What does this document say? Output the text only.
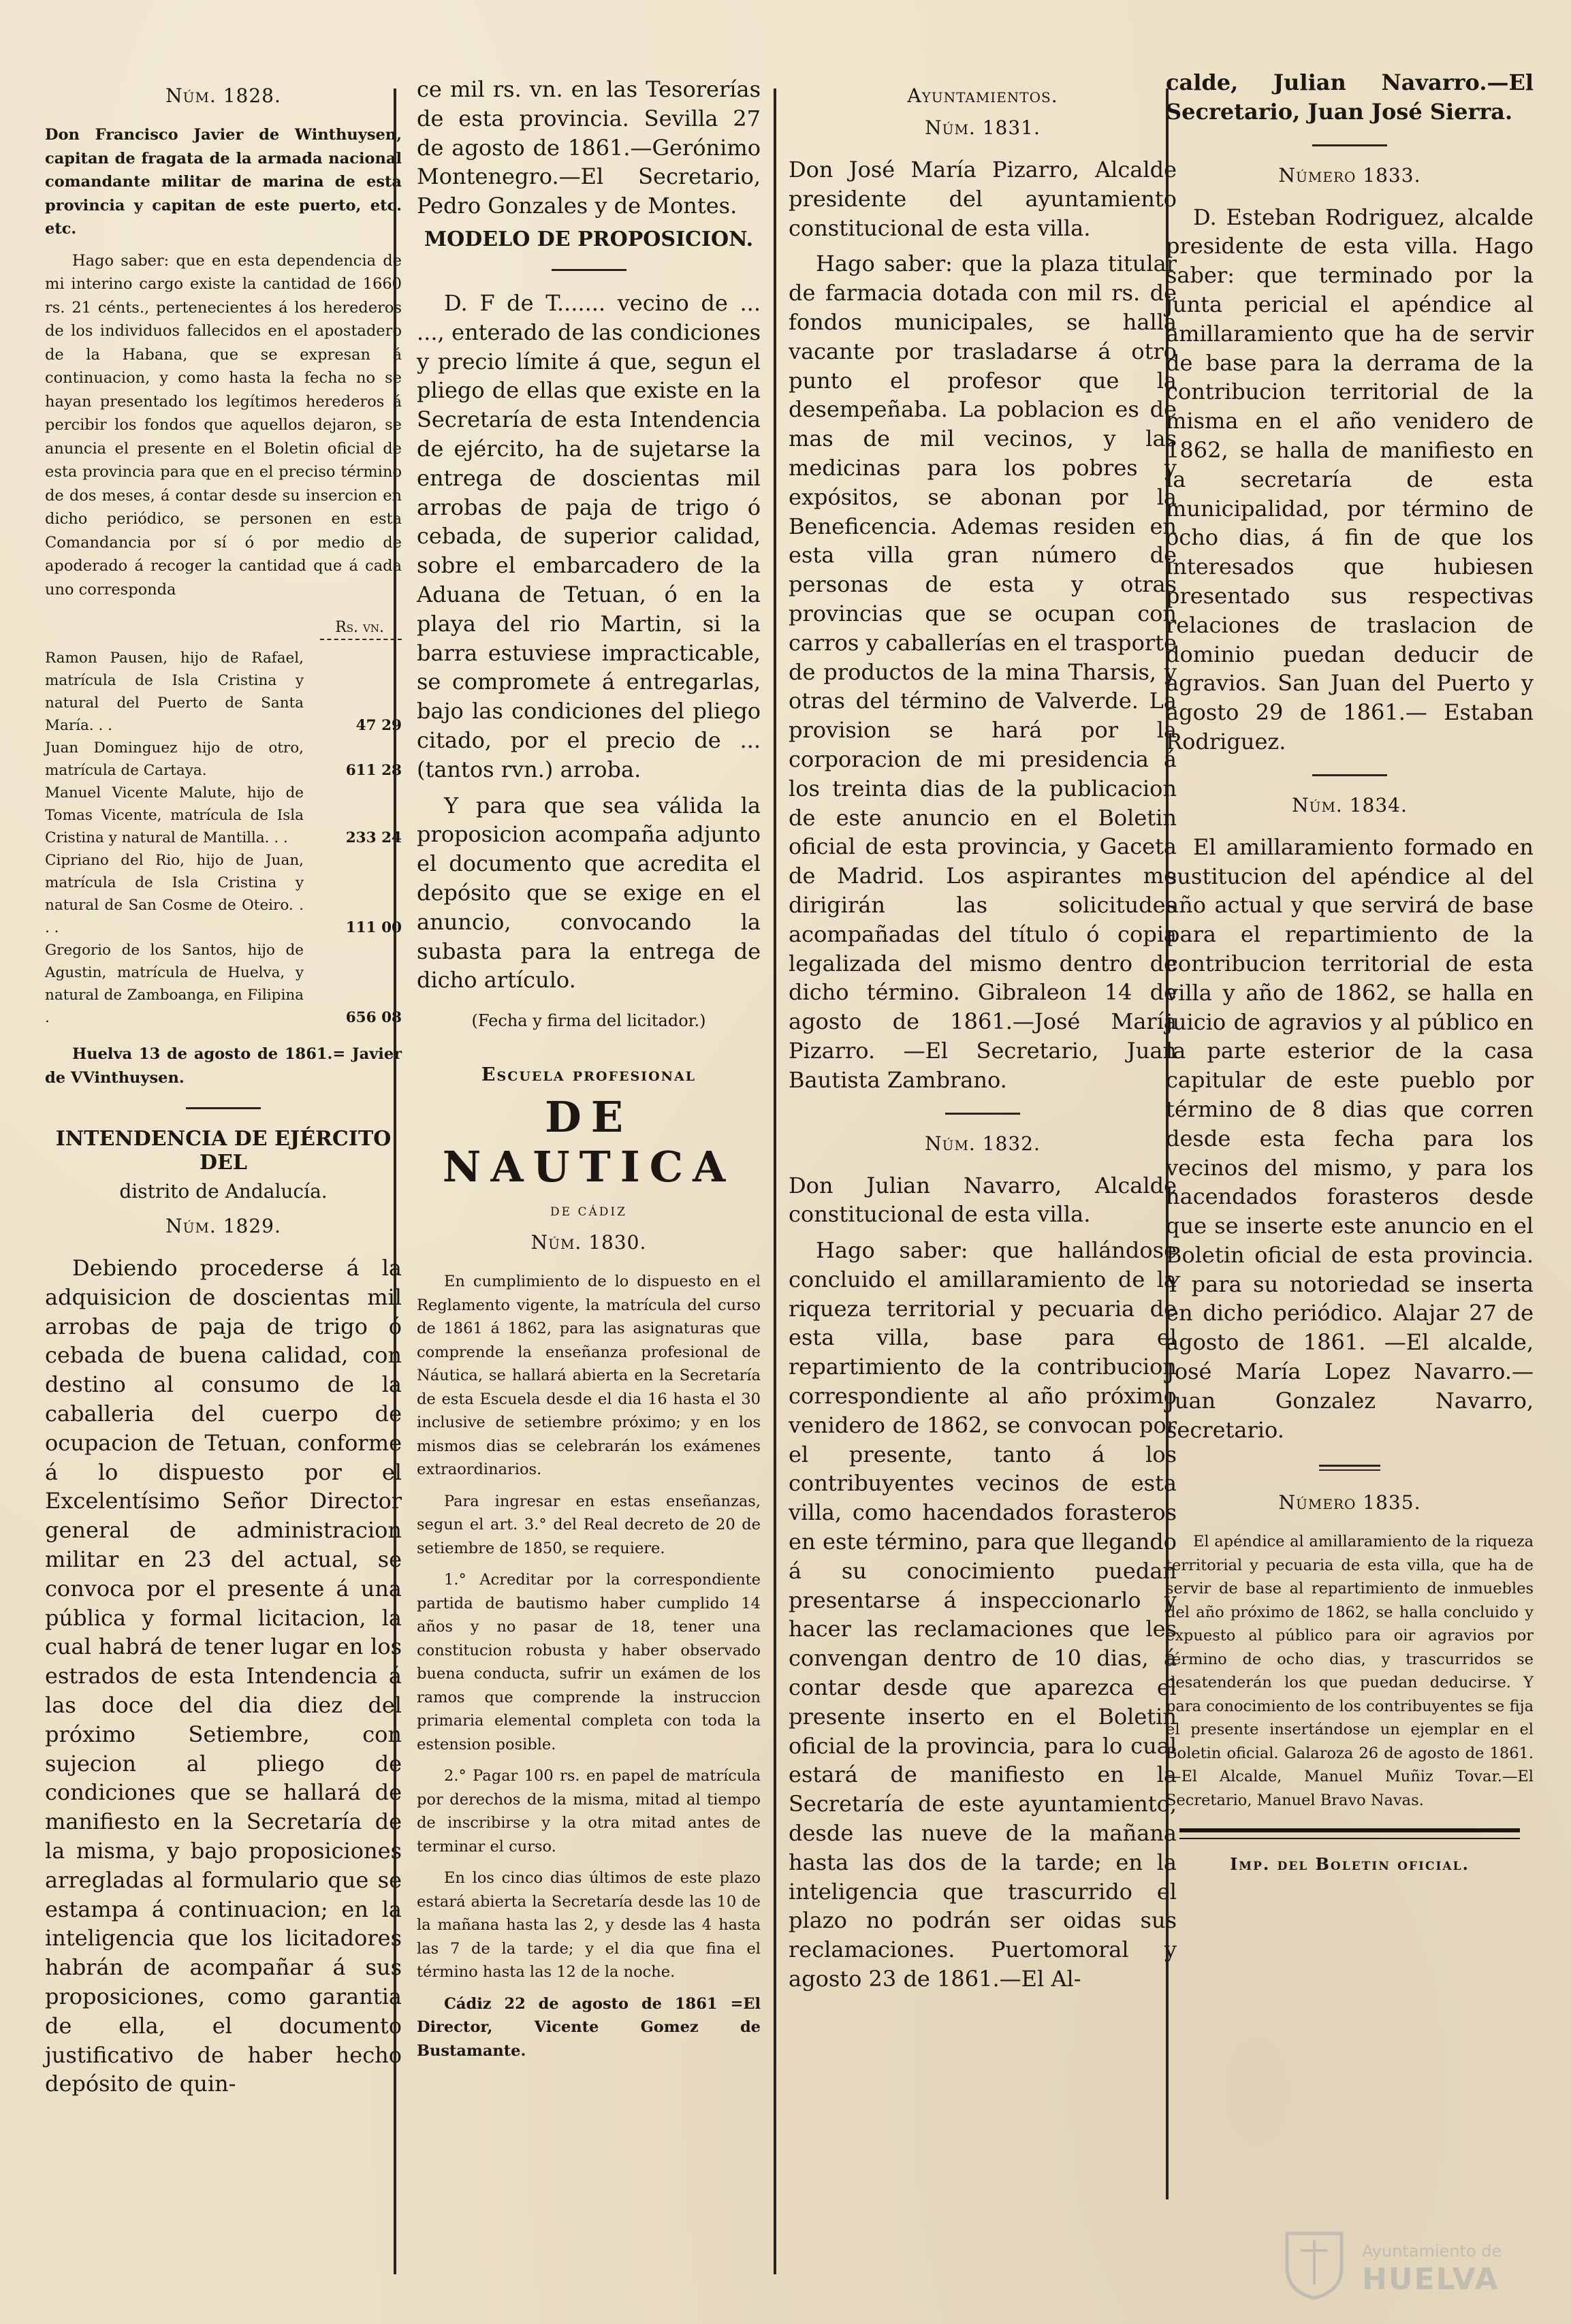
Núm. 1828.

Don Francisco Javier de Winthuysen, capitan de fragata de la armada nacional comandante militar de marina de esta provincia y capitan de este puerto, etc. etc.

Hago saber: que en esta dependencia de mi interino cargo existe la cantidad de 1660 rs. 21 cénts., pertenecientes á los herederos de los individuos fallecidos en el apostadero de la Habana, que se expresan á continuacion, y como hasta la fecha no se hayan presentado los legítimos herederos á percibir los fondos que aquellos dejaron, se anuncia el presente en el Boletin oficial de esta provincia para que en el preciso término de dos meses, á contar desde su insercion en dicho periódico, se personen en esta Comandancia por sí ó por medio de apoderado á recoger la cantidad que á cada uno corresponda

Rs. vn.
Ramon Pausen, hijo de Rafael, matrícula de Isla Cristina y natural del Puerto de Santa María. . .	47 29
Juan Dominguez hijo de otro, matrícula de Cartaya.	611 28
Manuel Vicente Malute, hijo de Tomas Vicente, matrícula de Isla Cristina y natural de Mantilla. . .	233 24
Cipriano del Rio, hijo de Juan, matrícula de Isla Cristina y natural de San Cosme de Oteiro. . . .	111 00
Gregorio de los Santos, hijo de Agustin, matrícula de Huelva, y natural de Zamboanga, en Filipina .	656 08

Huelva 13 de agosto de 1861.= Javier de VVinthuysen.

INTENDENCIA DE EJÉRCITO DEL
distrito de Andalucía.
Núm. 1829.

Debiendo procederse á la adquisicion de doscientas mil arrobas de paja de trigo ó cebada de buena calidad, con destino al consumo de la caballeria del cuerpo de ocupacion de Tetuan, conforme á lo dispuesto por el Excelentísimo Señor Director general de administracion militar en 23 del actual, se convoca por el presente á una pública y formal licitacion, la cual habrá de tener lugar en los estrados de esta Intendencia á las doce del dia diez del próximo Setiembre, con sujecion al pliego de condiciones que se hallará de manifiesto en la Secretaría de la misma, y bajo proposiciones arregladas al formulario que se estampa á continuacion; en la inteligencia que los licitadores habrán de acompañar á sus proposiciones, como garantia de ella, el documento justificativo de haber hecho depósito de quin-

ce mil rs. vn. en las Tesorerías de esta provincia. Sevilla 27 de agosto de 1861.—Gerónimo Montenegro.—El Secretario, Pedro Gonzales y de Montes.

MODELO DE PROPOSICION.

D. F de T....... vecino de ... ..., enterado de las condiciones y precio límite á que, segun el pliego de ellas que existe en la Secretaría de esta Intendencia de ejército, ha de sujetarse la entrega de doscientas mil arrobas de paja de trigo ó cebada, de superior calidad, sobre el embarcadero de la Aduana de Tetuan, ó en la playa del rio Martin, si la barra estuviese impracticable, se compromete á entregarlas, bajo las condiciones del pliego citado, por el precio de ... (tantos rvn.) arroba.

Y para que sea válida la proposicion acompaña adjunto el documento que acredita el depósito que se exige en el anuncio, convocando la subasta para la entrega de dicho artículo.

(Fecha y firma del licitador.)
Escuela profesional
DE NAUTICA
DE CÁDIZ
Núm. 1830.

En cumplimiento de lo dispuesto en el Reglamento vigente, la matrícula del curso de 1861 á 1862, para las asignaturas que comprende la enseñanza profesional de Náutica, se hallará abierta en la Secretaría de esta Escuela desde el dia 16 hasta el 30 inclusive de setiembre próximo; y en los mismos dias se celebrarán los exámenes extraordinarios.

Para ingresar en estas enseñanzas, segun el art. 3.° del Real decreto de 20 de setiembre de 1850, se requiere.

1.° Acreditar por la correspondiente partida de bautismo haber cumplido 14 años y no pasar de 18, tener una constitucion robusta y haber observado buena conducta, sufrir un exámen de los ramos que comprende la instruccion primaria elemental completa con toda la estension posible.

2.° Pagar 100 rs. en papel de matrícula por derechos de la misma, mitad al tiempo de inscribirse y la otra mitad antes de terminar el curso.

En los cinco dias últimos de este plazo estará abierta la Secretaría desde las 10 de la mañana hasta las 2, y desde las 4 hasta las 7 de la tarde; y el dia que fina el término hasta las 12 de la noche.

Cádiz 22 de agosto de 1861 =El Director, Vicente Gomez de Bustamante.

Ayuntamientos.
Núm. 1831.

Don José María Pizarro, Alcalde presidente del ayuntamiento constitucional de esta villa.

Hago saber: que la plaza titular de farmacia dotada con mil rs. de fondos municipales, se halla vacante por trasladarse á otro punto el profesor que la desempeñaba. La poblacion es de mas de mil vecinos, y las medicinas para los pobres y expósitos, se abonan por la Beneficencia. Ademas residen en esta villa gran número de personas de esta y otras provincias que se ocupan con carros y caballerías en el trasporte de productos de la mina Tharsis, y otras del término de Valverde. La provision se hará por la corporacion de mi presidencia á los treinta dias de la publicacion de este anuncio en el Boletin oficial de esta provincia, y Gaceta de Madrid. Los aspirantes me dirigirán las solicitudes acompañadas del título ó copia legalizada del mismo dentro de dicho término. Gibraleon 14 de agosto de 1861.—José María Pizarro. —El Secretario, Juan Bautista Zambrano.

Núm. 1832.

Don Julian Navarro, Alcalde constitucional de esta villa.

Hago saber: que hallándose concluido el amillaramiento de la riqueza territorial y pecuaria de esta villa, base para el repartimiento de la contribucion correspondiente al año próximo venidero de 1862, se convocan por el presente, tanto á los contribuyentes vecinos de esta villa, como hacendados forasteros en este término, para que llegando á su conocimiento puedan presentarse á inspeccionarlo y hacer las reclamaciones que les convengan dentro de 10 dias, á contar desde que aparezca el presente inserto en el Boletin oficial de la provincia, para lo cual estará de manifiesto en la Secretaría de este ayuntamiento, desde las nueve de la mañana hasta las dos de la tarde; en la inteligencia que trascurrido el plazo no podrán ser oidas sus reclamaciones. Puertomoral y agosto 23 de 1861.—El Al-

calde, Julian Navarro.—El Secretario, Juan José Sierra.

Número 1833.

D. Esteban Rodriguez, alcalde presidente de esta villa. Hago saber: que terminado por la junta pericial el apéndice al amillaramiento que ha de servir de base para la derrama de la contribucion territorial de la misma en el año venidero de 1862, se halla de manifiesto en la secretaría de esta municipalidad, por término de ocho dias, á fin de que los interesados que hubiesen presentado sus respectivas relaciones de traslacion de dominio puedan deducir de agravios. San Juan del Puerto y agosto 29 de 1861.— Estaban Rodriguez.

Núm. 1834.

El amillaramiento formado en sustitucion del apéndice al del año actual y que servirá de base para el repartimiento de la contribucion territorial de esta villa y año de 1862, se halla en juicio de agravios y al público en la parte esterior de la casa capitular de este pueblo por término de 8 dias que corren desde esta fecha para los vecinos del mismo, y para los hacendados forasteros desde que se inserte este anuncio en el Boletin oficial de esta provincia. Y para su notoriedad se inserta en dicho periódico. Alajar 27 de agosto de 1861. —El alcalde, José María Lopez Navarro.—Juan Gonzalez Navarro, secretario.

Número 1835.

El apéndice al amillaramiento de la riqueza territorial y pecuaria de esta villa, que ha de servir de base al repartimiento de inmuebles del año próximo de 1862, se halla concluido y expuesto al público para oir agravios por término de ocho dias, y trascurridos se desatenderán los que puedan deducirse. Y para conocimiento de los contribuyentes se fija el presente insertándose un ejemplar en el Boletin oficial. Galaroza 26 de agosto de 1861.—El Alcalde, Manuel Muñiz Tovar.—El Secretario, Manuel Bravo Navas.

Imp. del Boletin oficial.
Ayuntamiento de
HUELVA
